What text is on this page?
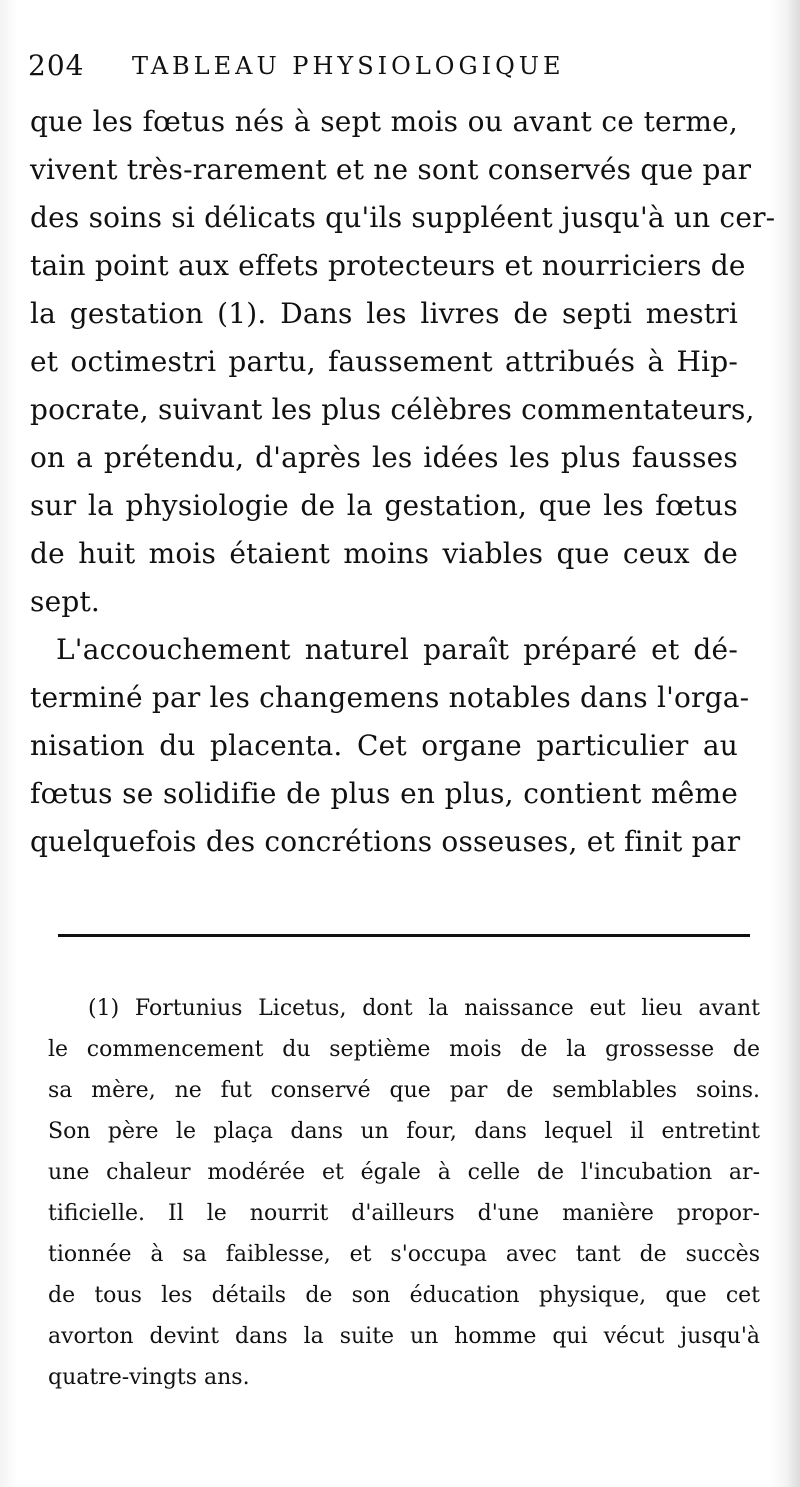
204 TABLEAU PHYSIOLOGIQUE
que les fœtus nés à sept mois ou avant ce terme,
vivent très-rarement et ne sont conservés que par
des soins si délicats qu'ils suppléent jusqu'à un cer-
tain point aux effets protecteurs et nourriciers de
la gestation (1). Dans les livres de septi mestri
et octimestri partu, faussement attribués à Hip-
pocrate, suivant les plus célèbres commentateurs,
on a prétendu, d'après les idées les plus fausses
sur la physiologie de la gestation, que les fœtus
de huit mois étaient moins viables que ceux de
sept.
L'accouchement naturel paraît préparé et dé-
terminé par les changemens notables dans l'orga-
nisation du placenta. Cet organe particulier au
fœtus se solidifie de plus en plus, contient même
quelquefois des concrétions osseuses, et finit par
(1) Fortunius Licetus, dont la naissance eut lieu avant
le commencement du septième mois de la grossesse de
sa mère, ne fut conservé que par de semblables soins.
Son père le plaça dans un four, dans lequel il entretint
une chaleur modérée et égale à celle de l'incubation ar-
tificielle. Il le nourrit d'ailleurs d'une manière propor-
tionnée à sa faiblesse, et s'occupa avec tant de succès
de tous les détails de son éducation physique, que cet
avorton devint dans la suite un homme qui vécut jusqu'à
quatre-vingts ans.
